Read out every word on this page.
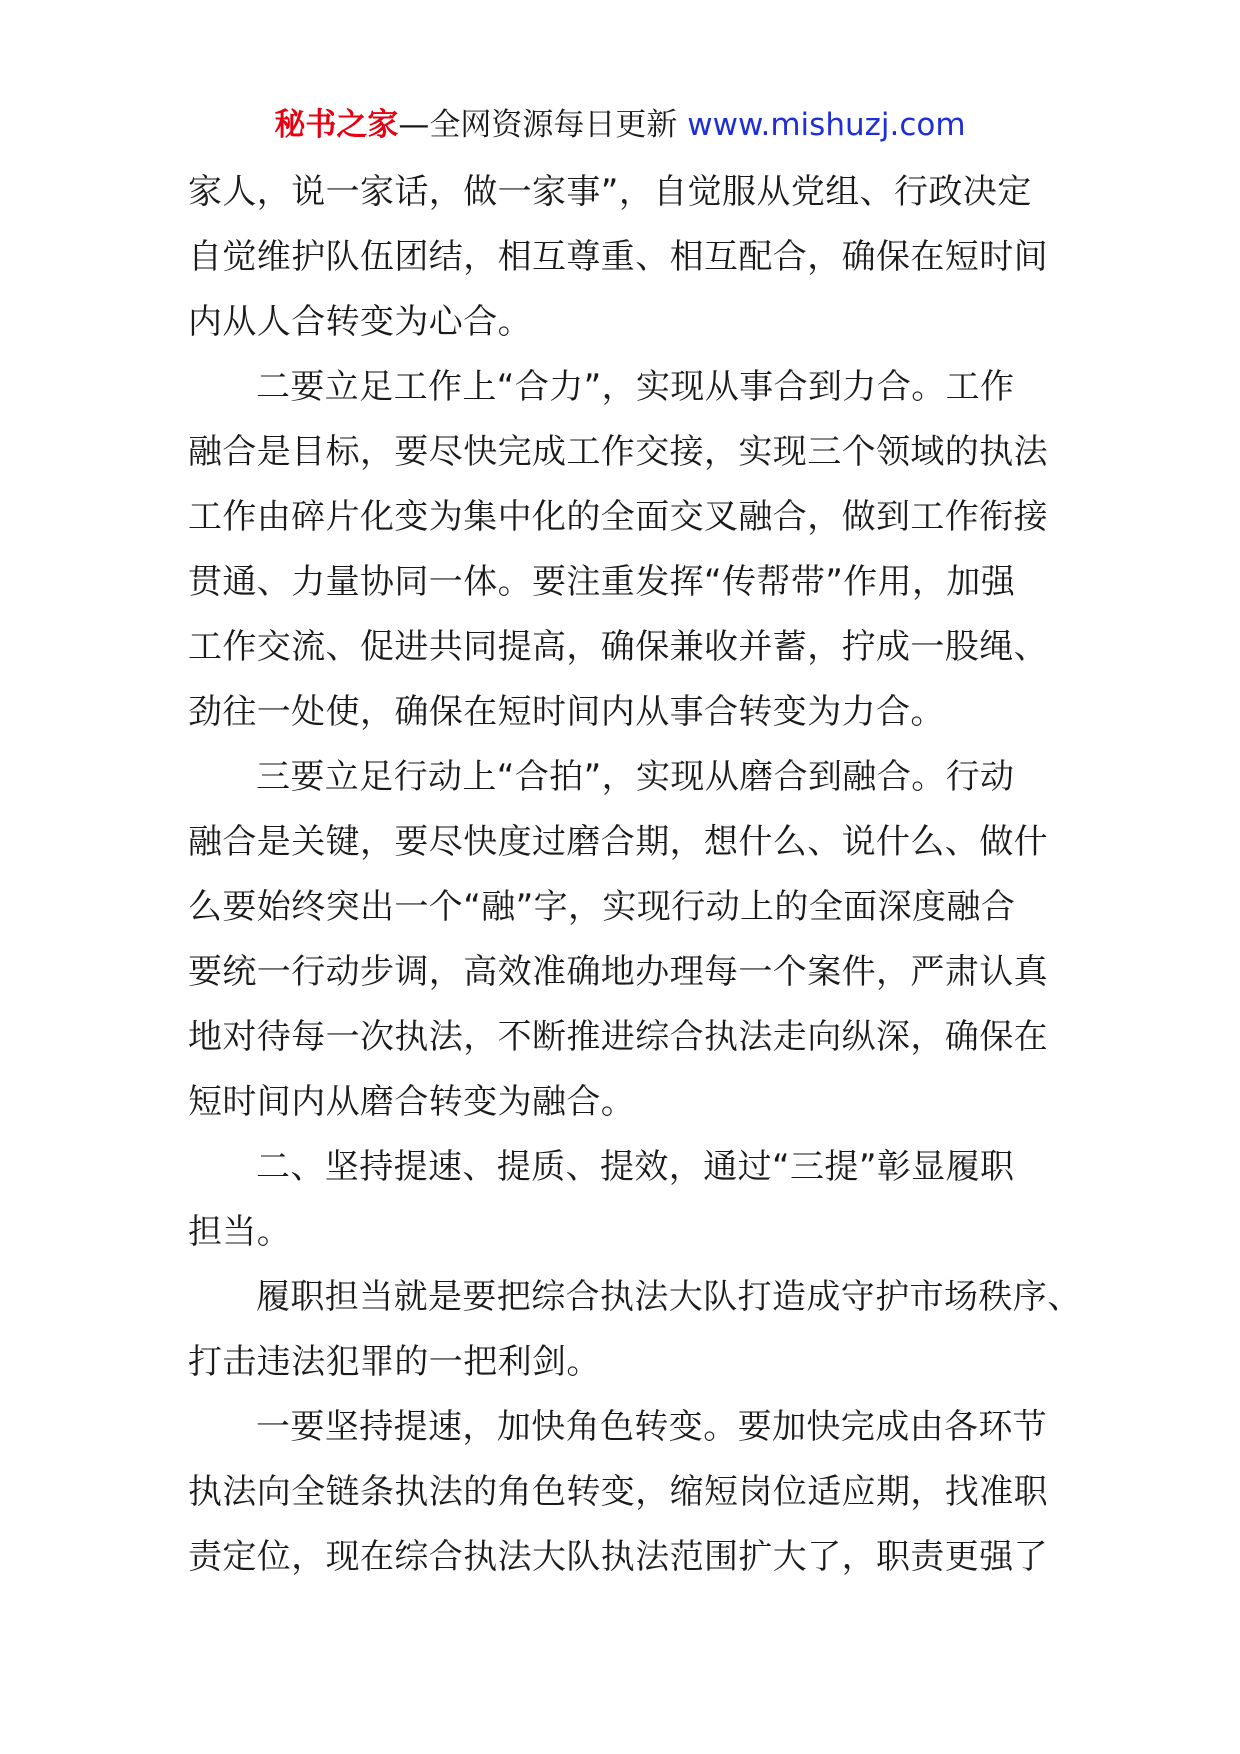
秘书之家—全网资源每日更新 www.mishuzj.com
家人，说一家话，做一家事”，自觉服从党组、行政决定
自觉维护队伍团结，相互尊重、相互配合，确保在短时间
内从人合转变为心合。
二要立足工作上“合力”，实现从事合到力合。工作
融合是目标，要尽快完成工作交接，实现三个领域的执法
工作由碎片化变为集中化的全面交叉融合，做到工作衔接
贯通、力量协同一体。要注重发挥“传帮带”作用，加强
工作交流、促进共同提高，确保兼收并蓄，拧成一股绳、
劲往一处使，确保在短时间内从事合转变为力合。
三要立足行动上“合拍”，实现从磨合到融合。行动
融合是关键，要尽快度过磨合期，想什么、说什么、做什
么要始终突出一个“融”字，实现行动上的全面深度融合
要统一行动步调，高效准确地办理每一个案件，严肃认真
地对待每一次执法，不断推进综合执法走向纵深，确保在
短时间内从磨合转变为融合。
二、坚持提速、提质、提效，通过“三提”彰显履职
担当。
履职担当就是要把综合执法大队打造成守护市场秩序、
打击违法犯罪的一把利剑。
一要坚持提速，加快角色转变。要加快完成由各环节
执法向全链条执法的角色转变，缩短岗位适应期，找准职
责定位，现在综合执法大队执法范围扩大了，职责更强了
